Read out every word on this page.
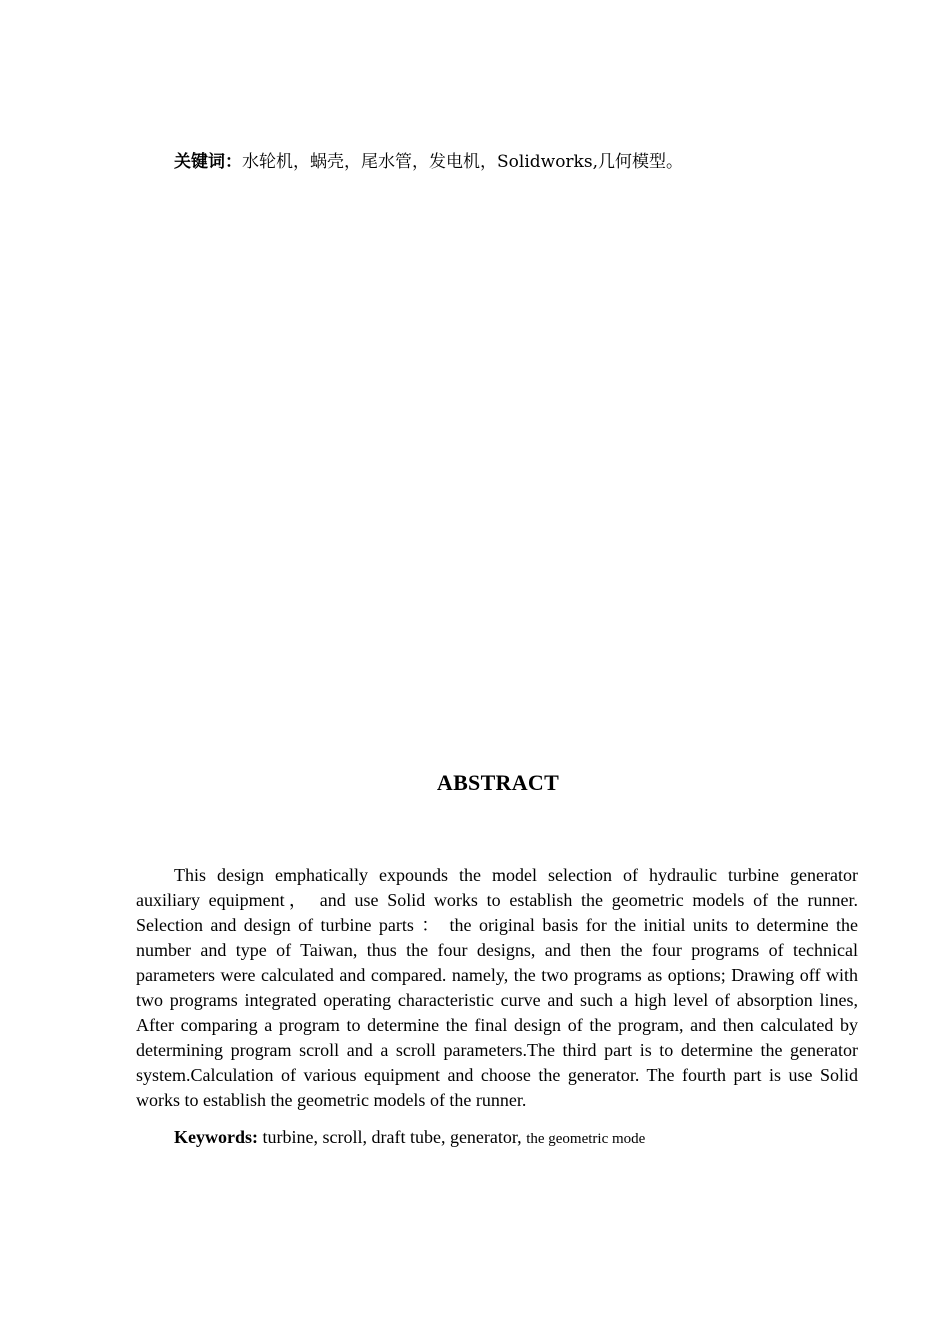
关键词：水轮机，蜗壳，尾水管，发电机，Solidworks,几何模型。
ABSTRACT

This design emphatically expounds the model selection of hydraulic turbine generator auxiliary equipment， and use Solid works to establish the geometric models of the runner. Selection and design of turbine parts ： the original basis for the initial units to determine the number and type of Taiwan, thus the four designs, and then the four programs of technical parameters were calculated and compared. namely, the two programs as options; Drawing off with two programs integrated operating characteristic curve and such a high level of absorption lines, After comparing a program to determine the final design of the program, and then calculated by determining program scroll and a scroll parameters.The third part is to determine the generator system.Calculation of various equipment and choose the generator. The fourth part is use Solid works to establish the geometric models of the runner.

Keywords: turbine, scroll, draft tube, generator, the geometric mode
